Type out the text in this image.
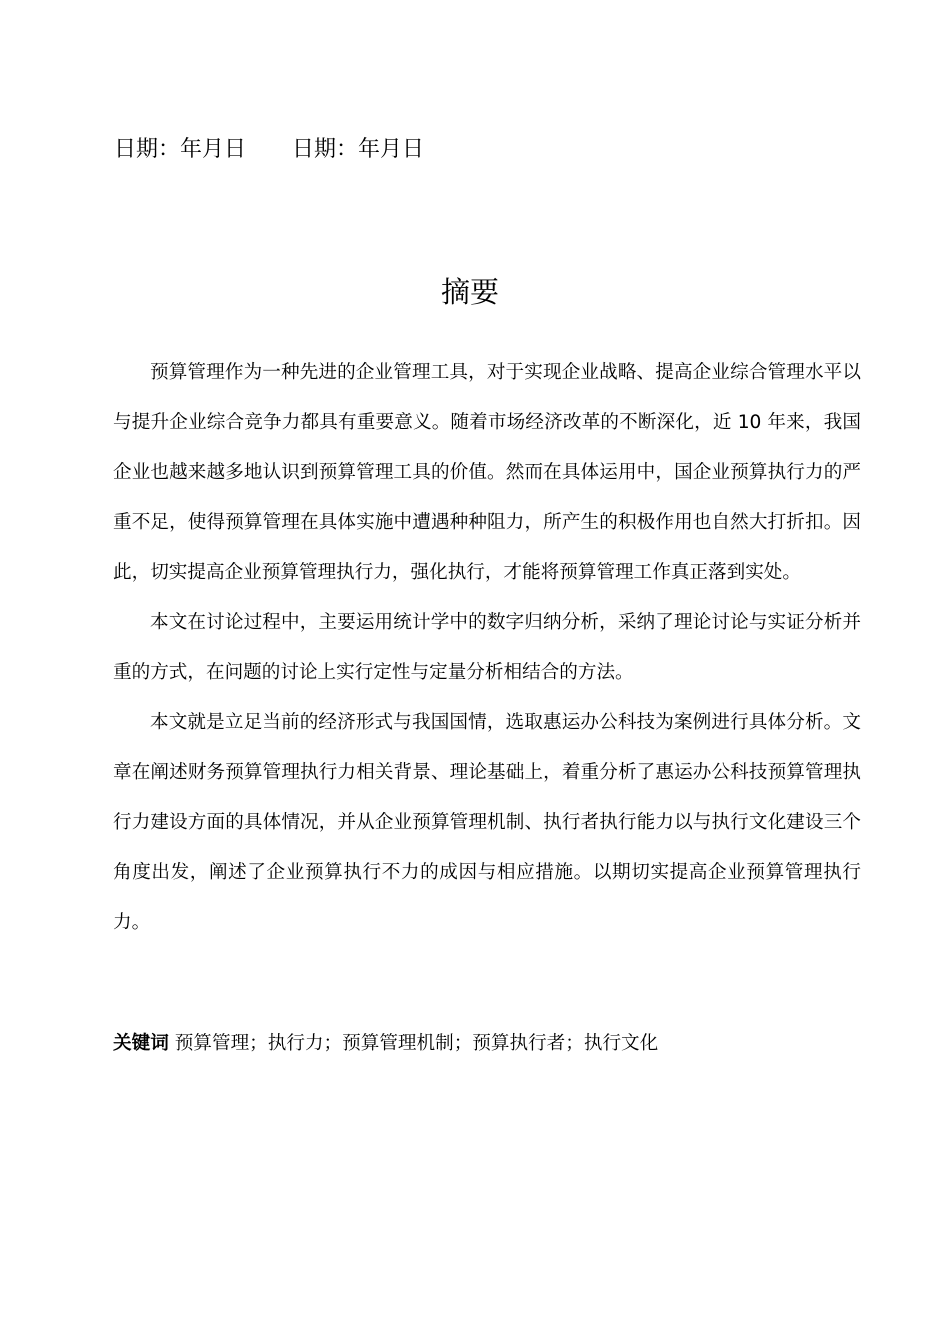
日期：年月日 日期：年月日
摘要

预算管理作为一种先进的企业管理工具，对于实现企业战略、提高企业综合管理水平以与提升企业综合竞争力都具有重要意义。随着市场经济改革的不断深化，近 10 年来，我国企业也越来越多地认识到预算管理工具的价值。然而在具体运用中，国企业预算执行力的严重不足，使得预算管理在具体实施中遭遇种种阻力，所产生的积极作用也自然大打折扣。因此，切实提高企业预算管理执行力，强化执行，才能将预算管理工作真正落到实处。

本文在讨论过程中，主要运用统计学中的数字归纳分析，采纳了理论讨论与实证分析并重的方式，在问题的讨论上实行定性与定量分析相结合的方法。

本文就是立足当前的经济形式与我国国情，选取惠运办公科技为案例进行具体分析。文章在阐述财务预算管理执行力相关背景、理论基础上，着重分析了惠运办公科技预算管理执行力建设方面的具体情况，并从企业预算管理机制、执行者执行能力以与执行文化建设三个角度出发，阐述了企业预算执行不力的成因与相应措施。以期切实提高企业预算管理执行力。

关键词 预算管理；执行力；预算管理机制；预算执行者；执行文化
